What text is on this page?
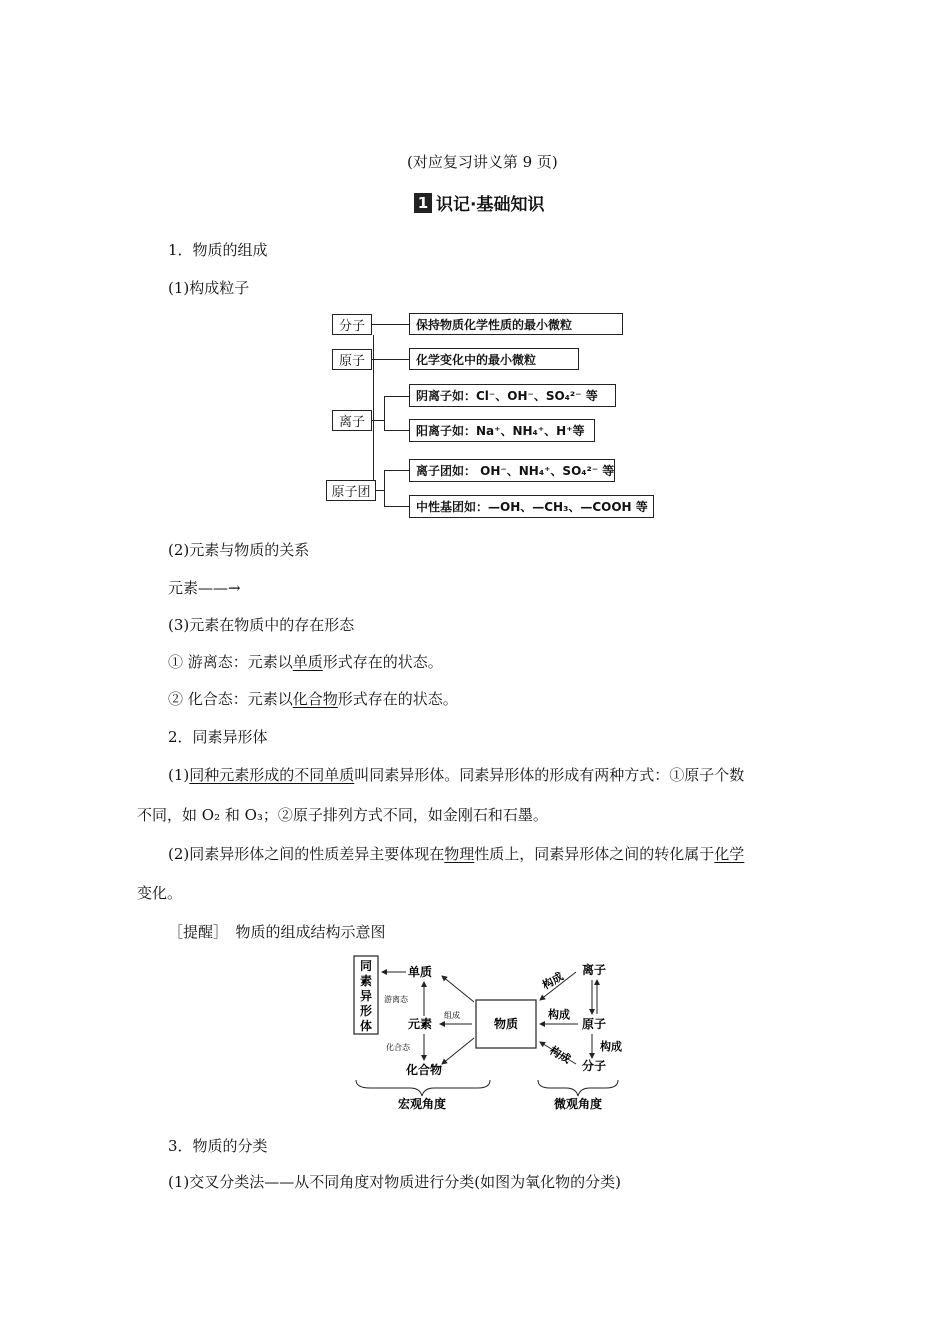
(对应复习讲义第 9 页)
1 识记·基础知识
1．物质的组成
(1)构成粒子
分子
原子
离子
原子团
保持物质化学性质的最小微粒
化学变化中的最小微粒
阴离子如：Cl⁻、OH⁻、SO₄²⁻ 等
阳离子如：Na⁺、NH₄⁺、H⁺等
离子团如： OH⁻、NH₄⁺、SO₄²⁻ 等
中性基团如：—OH、—CH₃、—COOH 等
(2)元素与物质的关系
元素——→
(3)元素在物质中的存在形态
① 游离态：元素以单质形式存在的状态。
② 化合态：元素以化合物形式存在的状态。
2．同素异形体
(1)同种元素形成的不同单质叫同素异形体。同素异形体的形成有两种方式：①原子个数
不同，如 O₂ 和 O₃；②原子排列方式不同，如金刚石和石墨。
(2)同素异形体之间的性质差异主要体现在物理性质上，同素异形体之间的转化属于化学
变化。
［提醒］　物质的组成结构示意图
同素异形体
单质
游离态
元素
化合态
化合物
组成
物质
离子
原子
分子
构成
构成
构成 构成
宏观角度	微观角度
3．物质的分类
(1)交叉分类法——从不同角度对物质进行分类(如图为氧化物的分类)
